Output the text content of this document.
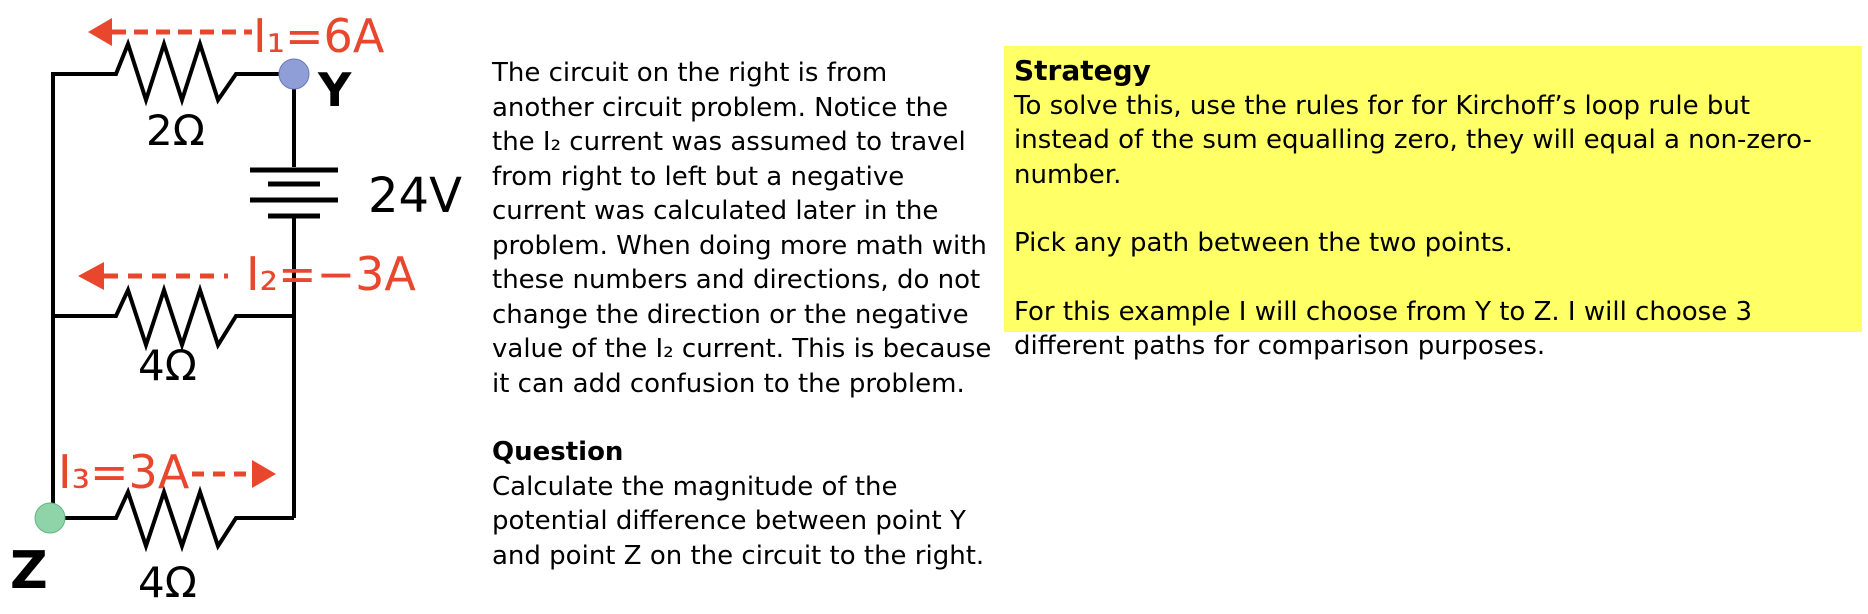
I₁=6A
I₂=−3A
I₃=3A
2Ω
4Ω
4Ω
24V
Y
Z

The circuit on the right is from another circuit problem. Notice the the I₂ current was assumed to travel from right to left but a negative current was calculated later in the problem. When doing more math with these numbers and directions, do not change the direction or the negative value of the I₂ current. This is because it can add confusion to the problem.

Question

Calculate the magnitude of the potential difference between point Y and point Z on the circuit to the right.

Strategy

To solve this, use the rules for for Kirchoff’s loop rule but instead of the sum equalling zero, they will equal a non-zero- number.

Pick any path between the two points.

For this example I will choose from Y to Z. I will choose 3 different paths for comparison purposes.
